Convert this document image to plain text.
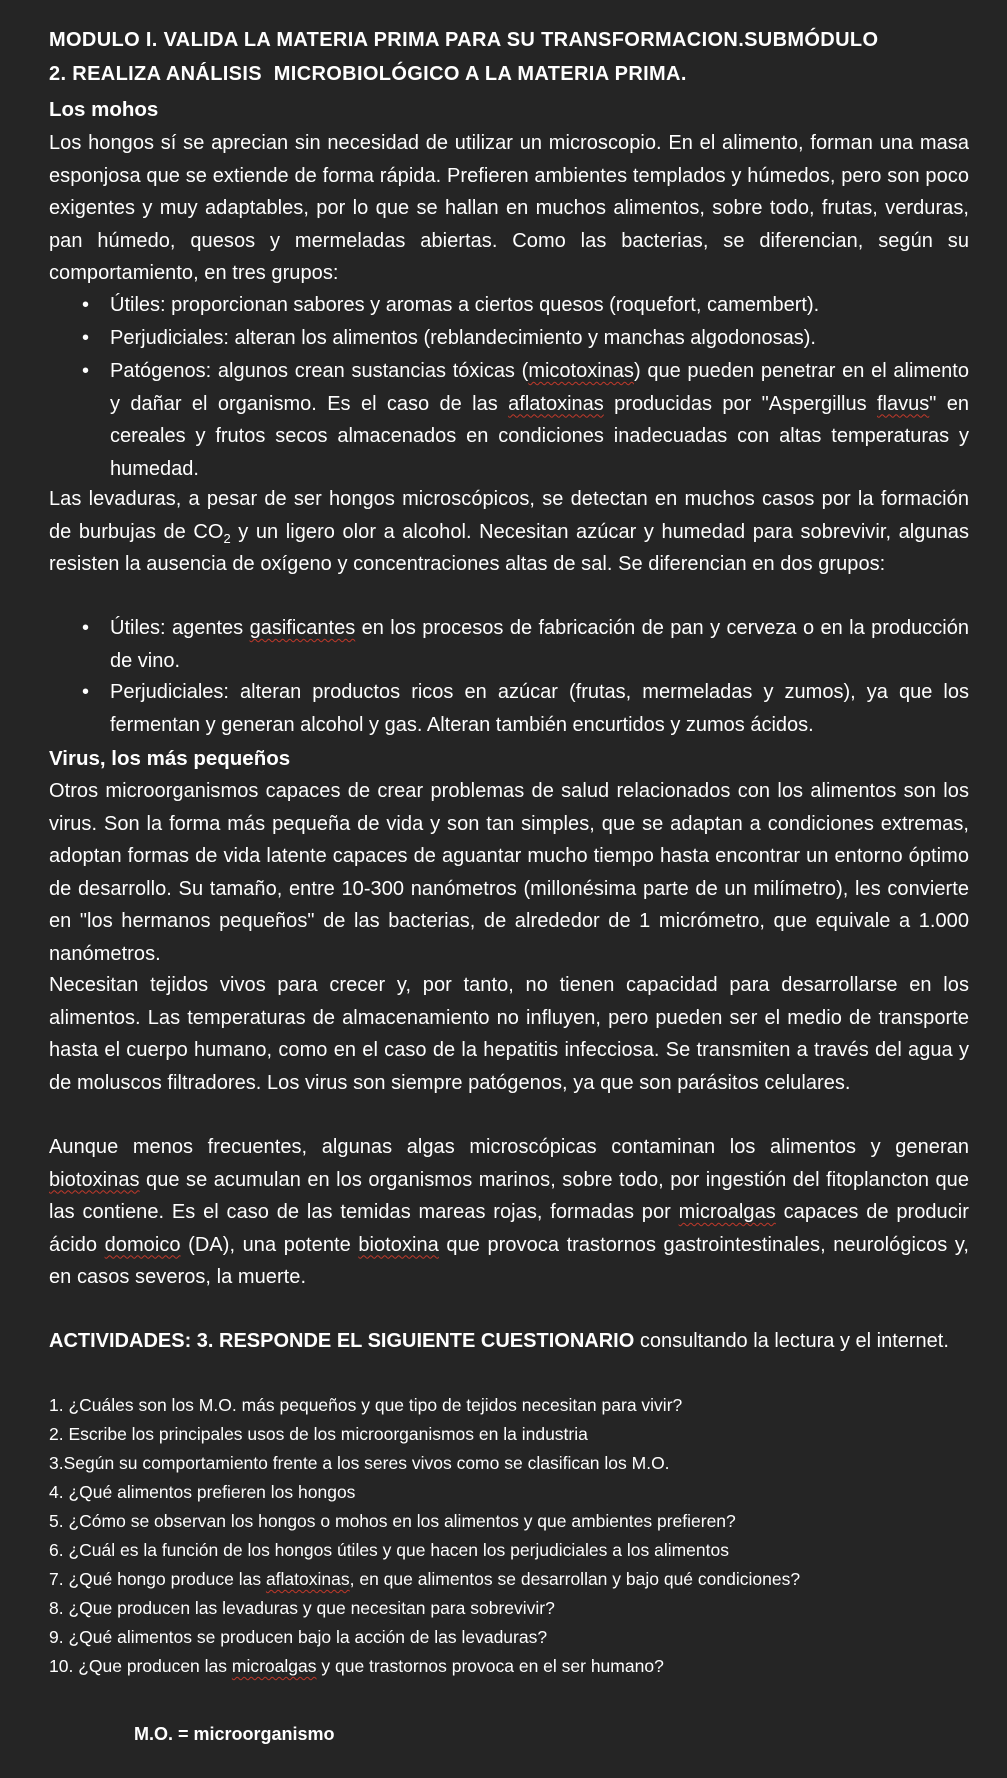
MODULO I. VALIDA LA MATERIA PRIMA PARA SU TRANSFORMACION.SUBMÓDULO
2. REALIZA ANÁLISIS  MICROBIOLÓGICO A LA MATERIA PRIMA.
Los mohos
Los hongos sí se aprecian sin necesidad de utilizar un microscopio. En el alimento, forman una masa esponjosa que se extiende de forma rápida. Prefieren ambientes templados y húmedos, pero son poco exigentes y muy adaptables, por lo que se hallan en muchos alimentos, sobre todo, frutas, verduras, pan húmedo, quesos y mermeladas abiertas. Como las bacterias, se diferencian, según su comportamiento, en tres grupos:
• Útiles: proporcionan sabores y aromas a ciertos quesos (roquefort, camembert).
• Perjudiciales: alteran los alimentos (reblandecimiento y manchas algodonosas).
• Patógenos: algunos crean sustancias tóxicas (micotoxinas) que pueden penetrar en el alimento y dañar el organismo. Es el caso de las aflatoxinas producidas por "Aspergillus flavus" en cereales y frutos secos almacenados en condiciones inadecuadas con altas temperaturas y humedad.
Las levaduras, a pesar de ser hongos microscópicos, se detectan en muchos casos por la formación de burbujas de $CO_2$ y un ligero olor a alcohol. Necesitan azúcar y humedad para sobrevivir, algunas resisten la ausencia de oxígeno y concentraciones altas de sal. Se diferencian en dos grupos:
• Útiles: agentes gasificantes en los procesos de fabricación de pan y cerveza o en la producción de vino.
• Perjudiciales: alteran productos ricos en azúcar (frutas, mermeladas y zumos), ya que los fermentan y generan alcohol y gas. Alteran también encurtidos y zumos ácidos.
Virus, los más pequeños
Otros microorganismos capaces de crear problemas de salud relacionados con los alimentos son los virus. Son la forma más pequeña de vida y son tan simples, que se adaptan a condiciones extremas, adoptan formas de vida latente capaces de aguantar mucho tiempo hasta encontrar un entorno óptimo de desarrollo. Su tamaño, entre 10-300 nanómetros (millonésima parte de un milímetro), les convierte en "los hermanos pequeños" de las bacterias, de alrededor de 1 micrómetro, que equivale a 1.000 nanómetros.
Necesitan tejidos vivos para crecer y, por tanto, no tienen capacidad para desarrollarse en los alimentos. Las temperaturas de almacenamiento no influyen, pero pueden ser el medio de transporte hasta el cuerpo humano, como en el caso de la hepatitis infecciosa. Se transmiten a través del agua y de moluscos filtradores. Los virus son siempre patógenos, ya que son parásitos celulares.
Aunque menos frecuentes, algunas algas microscópicas contaminan los alimentos y generan biotoxinas que se acumulan en los organismos marinos, sobre todo, por ingestión del fitoplancton que las contiene. Es el caso de las temidas mareas rojas, formadas por microalgas capaces de producir ácido domoico (DA), una potente biotoxina que provoca trastornos gastrointestinales, neurológicos y, en casos severos, la muerte.
ACTIVIDADES: 3. RESPONDE EL SIGUIENTE CUESTIONARIO consultando la lectura y el internet.
1. ¿Cuáles son los M.O. más pequeños y que tipo de tejidos necesitan para vivir?
2. Escribe los principales usos de los microorganismos en la industria
3.Según su comportamiento frente a los seres vivos como se clasifican los M.O.
4. ¿Qué alimentos prefieren los hongos
5. ¿Cómo se observan los hongos o mohos en los alimentos y que ambientes prefieren?
6. ¿Cuál es la función de los hongos útiles y que hacen los perjudiciales a los alimentos
7. ¿Qué hongo produce las aflatoxinas, en que alimentos se desarrollan y bajo qué condiciones?
8. ¿Que producen las levaduras y que necesitan para sobrevivir?
9. ¿Qué alimentos se producen bajo la acción de las levaduras?
10. ¿Que producen las microalgas y que trastornos provoca en el ser humano?
M.O. = microorganismo
